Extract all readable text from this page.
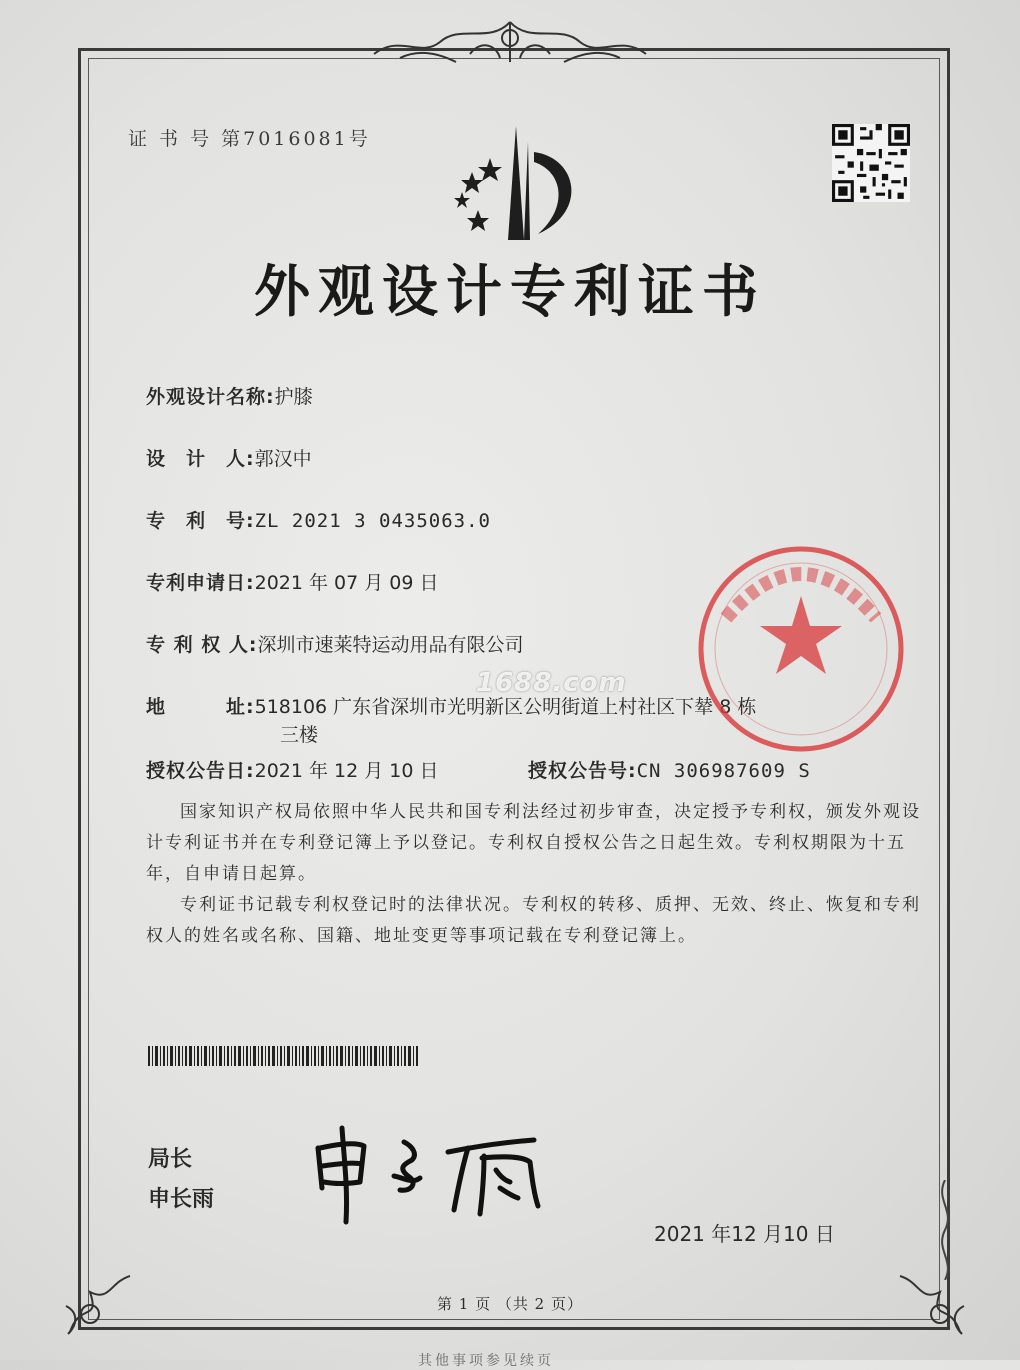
​
证 书 号 第7016081号
外观设计专利证书
外观设计名称:护膝
设　计　人:郭汉中
专　利　号:ZL 2021 3 0435063.0
专利申请日:2021 年 07 月 09 日
专 利 权 人:深圳市速莱特运动用品有限公司
地　　　址:518106 广东省深圳市光明新区公明街道上村社区下辇 8 栋
三楼
授权公告日:2021 年 12 月 10 日	授权公告号:CN 306987609 S
1688.com
国家知识产权局依照中华人民共和国专利法经过初步审查，决定授予专利权，颁发外观设计专利证书并在专利登记簿上予以登记。专利权自授权公告之日起生效。专利权期限为十五年，自申请日起算。
专利证书记载专利权登记时的法律状况。专利权的转移、质押、无效、终止、恢复和专利权人的姓名或名称、国籍、地址变更等事项记载在专利登记簿上。
局长
申长雨
2021 年12 月10 日
第 1 页 （共 2 页）
其他事项参见续页
